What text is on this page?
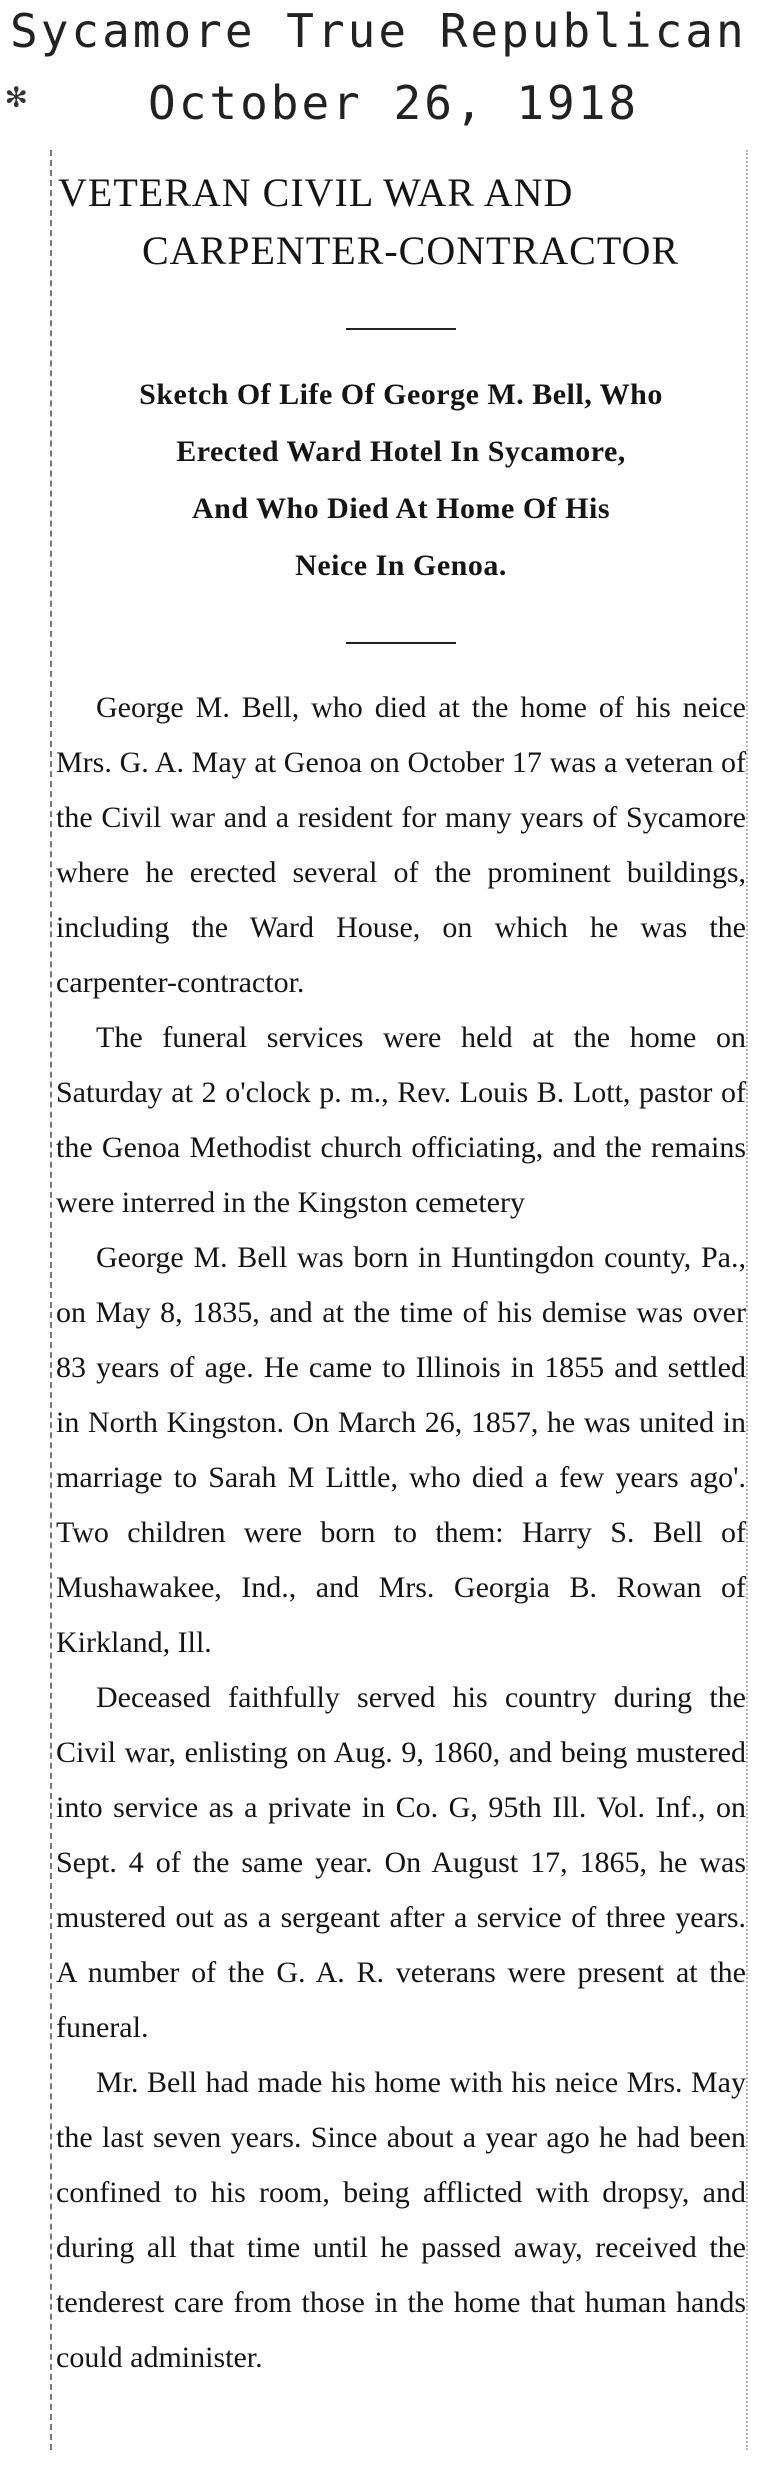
Sycamore True Republican
✻	October 26, 1918
VETERAN CIVIL WAR AND
CARPENTER-CONTRACTOR
Sketch Of Life Of George M. Bell, Who
Erected Ward Hotel In Sycamore,
And Who Died At Home Of His
Neice In Genoa.

George M. Bell, who died at the home of his neice Mrs. G. A. May at Genoa on October 17 was a veteran of the Civil war and a resident for many years of Sycamore where he erected several of the prominent buildings, including the Ward House, on which he was the carpenter-contractor.

The funeral services were held at the home on Saturday at 2 o'clock p. m., Rev. Louis B. Lott, pastor of the Genoa Methodist church officiating, and the remains were interred in the Kingston cemetery

George M. Bell was born in Huntingdon county, Pa., on May 8, 1835, and at the time of his demise was over 83 years of age. He came to Illinois in 1855 and settled in North Kingston. On March 26, 1857, he was united in marriage to Sarah M Little, who died a few years ago'. Two children were born to them: Harry S. Bell of Mushawakee, Ind., and Mrs. Georgia B. Rowan of Kirkland, Ill.

Deceased faithfully served his country during the Civil war, enlisting on Aug. 9, 1860, and being mustered into service as a private in Co. G, 95th Ill. Vol. Inf., on Sept. 4 of the same year. On August 17, 1865, he was mustered out as a sergeant after a service of three years. A number of the G. A. R. veterans were present at the funeral.

Mr. Bell had made his home with his neice Mrs. May the last seven years. Since about a year ago he had been confined to his room, being afflicted with dropsy, and during all that time until he passed away, received the tenderest care from those in the home that human hands could administer.
